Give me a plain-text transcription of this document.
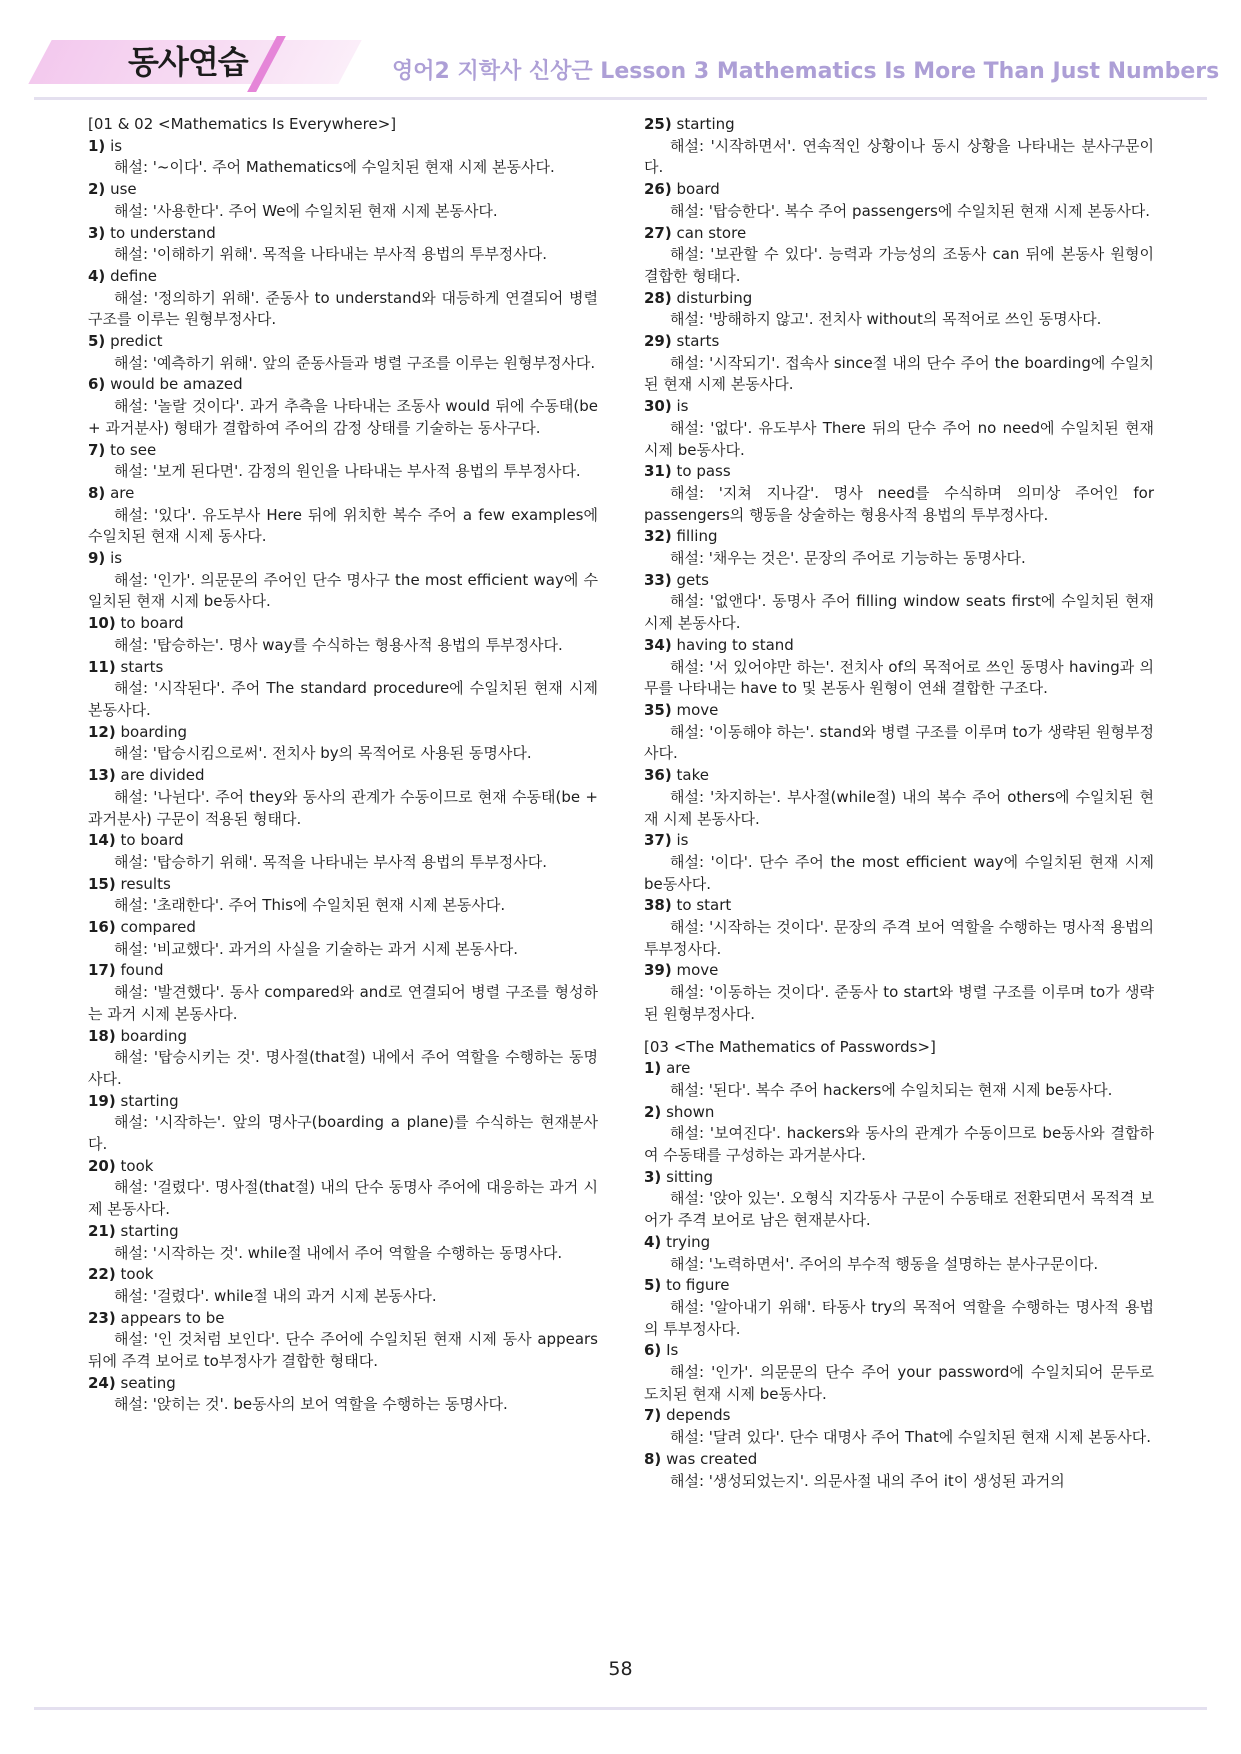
동사연습	영어2 지학사 신상근 Lesson 3 Mathematics Is More Than Just Numbers
[01 & 02 <Mathematics Is Everywhere>]
1) is
해설: '~이다'. 주어 Mathematics에 수일치된 현재 시제 본동사다.
2) use
해설: '사용한다'. 주어 We에 수일치된 현재 시제 본동사다.
3) to understand
해설: '이해하기 위해'. 목적을 나타내는 부사적 용법의 투부정사다.
4) define
해설: '정의하기 위해'. 준동사 to understand와 대등하게 연결되어 병렬 구조를 이루는 원형부정사다.
5) predict
해설: '예측하기 위해'. 앞의 준동사들과 병렬 구조를 이루는 원형부정사다.
6) would be amazed
해설: '놀랄 것이다'. 과거 추측을 나타내는 조동사 would 뒤에 수동태(be + 과거분사) 형태가 결합하여 주어의 감정 상태를 기술하는 동사구다.
7) to see
해설: '보게 된다면'. 감정의 원인을 나타내는 부사적 용법의 투부정사다.
8) are
해설: '있다'. 유도부사 Here 뒤에 위치한 복수 주어 a few examples에 수일치된 현재 시제 동사다.
9) is
해설: '인가'. 의문문의 주어인 단수 명사구 the most efficient way에 수일치된 현재 시제 be동사다.
10) to board
해설: '탑승하는'. 명사 way를 수식하는 형용사적 용법의 투부정사다.
11) starts
해설: '시작된다'. 주어 The standard procedure에 수일치된 현재 시제 본동사다.
12) boarding
해설: '탑승시킴으로써'. 전치사 by의 목적어로 사용된 동명사다.
13) are divided
해설: '나뉜다'. 주어 they와 동사의 관계가 수동이므로 현재 수동태(be + 과거분사) 구문이 적용된 형태다.
14) to board
해설: '탑승하기 위해'. 목적을 나타내는 부사적 용법의 투부정사다.
15) results
해설: '초래한다'. 주어 This에 수일치된 현재 시제 본동사다.
16) compared
해설: '비교했다'. 과거의 사실을 기술하는 과거 시제 본동사다.
17) found
해설: '발견했다'. 동사 compared와 and로 연결되어 병렬 구조를 형성하는 과거 시제 본동사다.
18) boarding
해설: '탑승시키는 것'. 명사절(that절) 내에서 주어 역할을 수행하는 동명사다.
19) starting
해설: '시작하는'. 앞의 명사구(boarding a plane)를 수식하는 현재분사다.
20) took
해설: '걸렸다'. 명사절(that절) 내의 단수 동명사 주어에 대응하는 과거 시제 본동사다.
21) starting
해설: '시작하는 것'. while절 내에서 주어 역할을 수행하는 동명사다.
22) took
해설: '걸렸다'. while절 내의 과거 시제 본동사다.
23) appears to be
해설: '인 것처럼 보인다'. 단수 주어에 수일치된 현재 시제 동사 appears 뒤에 주격 보어로 to부정사가 결합한 형태다.
24) seating
해설: '앉히는 것'. be동사의 보어 역할을 수행하는 동명사다.
25) starting
해설: '시작하면서'. 연속적인 상황이나 동시 상황을 나타내는 분사구문이다.
26) board
해설: '탑승한다'. 복수 주어 passengers에 수일치된 현재 시제 본동사다.
27) can store
해설: '보관할 수 있다'. 능력과 가능성의 조동사 can 뒤에 본동사 원형이 결합한 형태다.
28) disturbing
해설: '방해하지 않고'. 전치사 without의 목적어로 쓰인 동명사다.
29) starts
해설: '시작되기'. 접속사 since절 내의 단수 주어 the boarding에 수일치된 현재 시제 본동사다.
30) is
해설: '없다'. 유도부사 There 뒤의 단수 주어 no need에 수일치된 현재 시제 be동사다.
31) to pass
해설: '지쳐 지나갈'. 명사 need를 수식하며 의미상 주어인 for passengers의 행동을 상술하는 형용사적 용법의 투부정사다.
32) filling
해설: '채우는 것은'. 문장의 주어로 기능하는 동명사다.
33) gets
해설: '없앤다'. 동명사 주어 filling window seats first에 수일치된 현재 시제 본동사다.
34) having to stand
해설: '서 있어야만 하는'. 전치사 of의 목적어로 쓰인 동명사 having과 의무를 나타내는 have to 및 본동사 원형이 연쇄 결합한 구조다.
35) move
해설: '이동해야 하는'. stand와 병렬 구조를 이루며 to가 생략된 원형부정사다.
36) take
해설: '차지하는'. 부사절(while절) 내의 복수 주어 others에 수일치된 현재 시제 본동사다.
37) is
해설: '이다'. 단수 주어 the most efficient way에 수일치된 현재 시제 be동사다.
38) to start
해설: '시작하는 것이다'. 문장의 주격 보어 역할을 수행하는 명사적 용법의 투부정사다.
39) move
해설: '이동하는 것이다'. 준동사 to start와 병렬 구조를 이루며 to가 생략된 원형부정사다.
[03 <The Mathematics of Passwords>]
1) are
해설: '된다'. 복수 주어 hackers에 수일치되는 현재 시제 be동사다.
2) shown
해설: '보여진다'. hackers와 동사의 관계가 수동이므로 be동사와 결합하여 수동태를 구성하는 과거분사다.
3) sitting
해설: '앉아 있는'. 오형식 지각동사 구문이 수동태로 전환되면서 목적격 보어가 주격 보어로 남은 현재분사다.
4) trying
해설: '노력하면서'. 주어의 부수적 행동을 설명하는 분사구문이다.
5) to figure
해설: '알아내기 위해'. 타동사 try의 목적어 역할을 수행하는 명사적 용법의 투부정사다.
6) Is
해설: '인가'. 의문문의 단수 주어 your password에 수일치되어 문두로 도치된 현재 시제 be동사다.
7) depends
해설: '달려 있다'. 단수 대명사 주어 That에 수일치된 현재 시제 본동사다.
8) was created
해설: '생성되었는지'. 의문사절 내의 주어 it이 생성된 과거의
58
